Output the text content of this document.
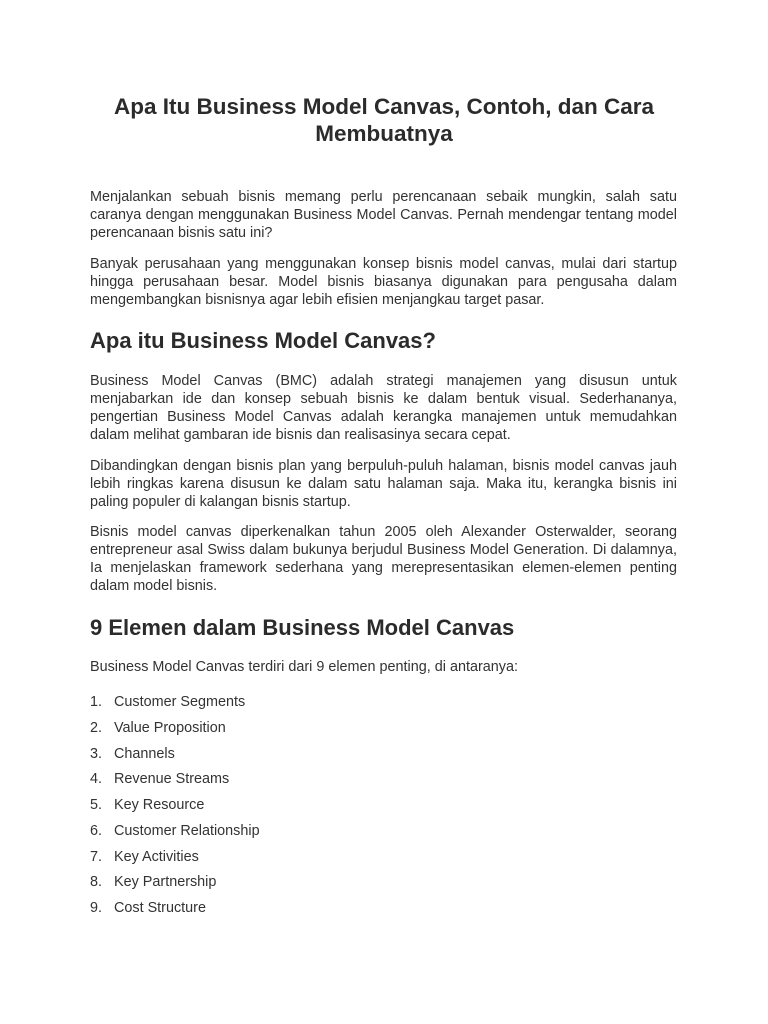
Apa Itu Business Model Canvas, Contoh, dan Cara Membuatnya

Menjalankan sebuah bisnis memang perlu perencanaan sebaik mungkin, salah satu caranya dengan menggunakan Business Model Canvas. Pernah mendengar tentang model perencanaan bisnis satu ini?

Banyak perusahaan yang menggunakan konsep bisnis model canvas, mulai dari startup hingga perusahaan besar. Model bisnis biasanya digunakan para pengusaha dalam mengembangkan bisnisnya agar lebih efisien menjangkau target pasar.

Apa itu Business Model Canvas?

Business Model Canvas (BMC) adalah strategi manajemen yang disusun untuk menjabarkan ide dan konsep sebuah bisnis ke dalam bentuk visual. Sederhananya, pengertian Business Model Canvas adalah kerangka manajemen untuk memudahkan dalam melihat gambaran ide bisnis dan realisasinya secara cepat.

Dibandingkan dengan bisnis plan yang berpuluh-puluh halaman, bisnis model canvas jauh lebih ringkas karena disusun ke dalam satu halaman saja. Maka itu, kerangka bisnis ini paling populer di kalangan bisnis startup.

Bisnis model canvas diperkenalkan tahun 2005 oleh Alexander Osterwalder, seorang entrepreneur asal Swiss dalam bukunya berjudul Business Model Generation. Di dalamnya, Ia menjelaskan framework sederhana yang merepresentasikan elemen-elemen penting dalam model bisnis.

9 Elemen dalam Business Model Canvas

Business Model Canvas terdiri dari 9 elemen penting, di antaranya:

1. Customer Segments
2. Value Proposition
3. Channels
4. Revenue Streams
5. Key Resource
6. Customer Relationship
7. Key Activities
8. Key Partnership
9. Cost Structure
